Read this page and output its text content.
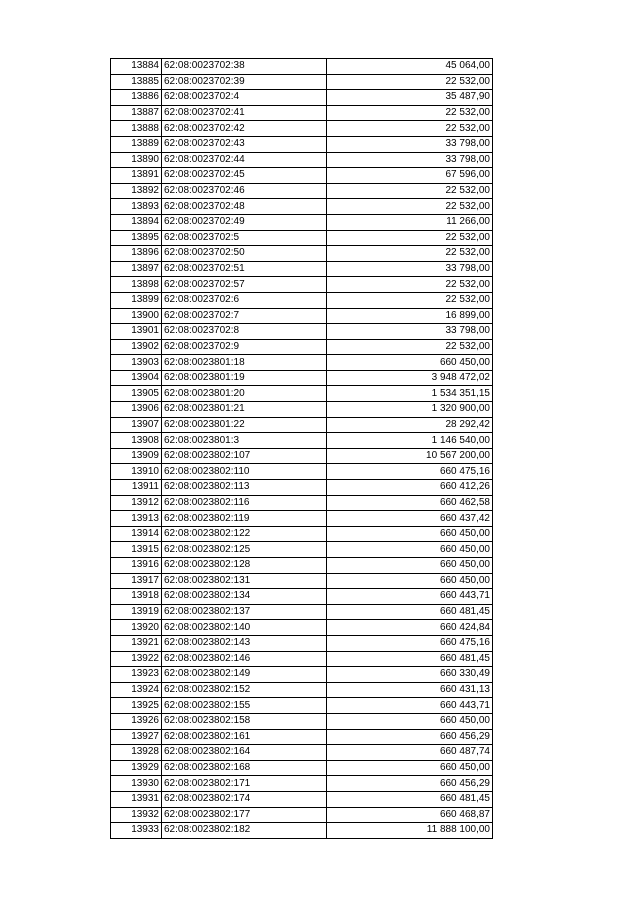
13884	62:08:0023702:38	45 064,00
13885	62:08:0023702:39	22 532,00
13886	62:08:0023702:4	35 487,90
13887	62:08:0023702:41	22 532,00
13888	62:08:0023702:42	22 532,00
13889	62:08:0023702:43	33 798,00
13890	62:08:0023702:44	33 798,00
13891	62:08:0023702:45	67 596,00
13892	62:08:0023702:46	22 532,00
13893	62:08:0023702:48	22 532,00
13894	62:08:0023702:49	11 266,00
13895	62:08:0023702:5	22 532,00
13896	62:08:0023702:50	22 532,00
13897	62:08:0023702:51	33 798,00
13898	62:08:0023702:57	22 532,00
13899	62:08:0023702:6	22 532,00
13900	62:08:0023702:7	16 899,00
13901	62:08:0023702:8	33 798,00
13902	62:08:0023702:9	22 532,00
13903	62:08:0023801:18	660 450,00
13904	62:08:0023801:19	3 948 472,02
13905	62:08:0023801:20	1 534 351,15
13906	62:08:0023801:21	1 320 900,00
13907	62:08:0023801:22	28 292,42
13908	62:08:0023801:3	1 146 540,00
13909	62:08:0023802:107	10 567 200,00
13910	62:08:0023802:110	660 475,16
13911	62:08:0023802:113	660 412,26
13912	62:08:0023802:116	660 462,58
13913	62:08:0023802:119	660 437,42
13914	62:08:0023802:122	660 450,00
13915	62:08:0023802:125	660 450,00
13916	62:08:0023802:128	660 450,00
13917	62:08:0023802:131	660 450,00
13918	62:08:0023802:134	660 443,71
13919	62:08:0023802:137	660 481,45
13920	62:08:0023802:140	660 424,84
13921	62:08:0023802:143	660 475,16
13922	62:08:0023802:146	660 481,45
13923	62:08:0023802:149	660 330,49
13924	62:08:0023802:152	660 431,13
13925	62:08:0023802:155	660 443,71
13926	62:08:0023802:158	660 450,00
13927	62:08:0023802:161	660 456,29
13928	62:08:0023802:164	660 487,74
13929	62:08:0023802:168	660 450,00
13930	62:08:0023802:171	660 456,29
13931	62:08:0023802:174	660 481,45
13932	62:08:0023802:177	660 468,87
13933	62:08:0023802:182	11 888 100,00
